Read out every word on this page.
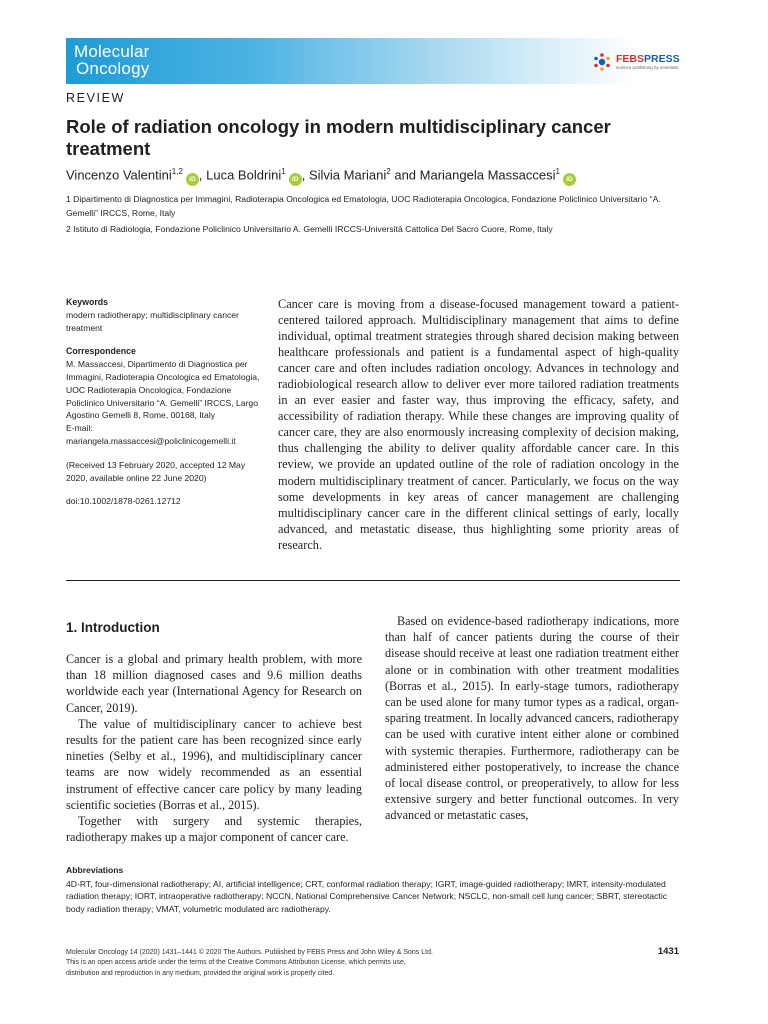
Molecular
Oncology	FEBSPRESS
science publishing by scientists
REVIEW
Role of radiation oncology in modern multidisciplinary cancer treatment
Vincenzo Valentini$^{1,2}$iD , Luca Boldrini$^1$iD , Silvia Mariani$^2$ and Mariangela Massaccesi$^1$iD

1 Dipartimento di Diagnostica per Immagini, Radioterapia Oncologica ed Ematologia, UOC Radioterapia Oncologica, Fondazione Policlinico Universitario “A. Gemelli” IRCCS, Rome, Italy

2 Istituto di Radiologia, Fondazione Policlinico Universitario A. Gemelli IRCCS-Università Cattolica Del Sacro Cuore, Rome, Italy

Keywords

modern radiotherapy; multidisciplinary cancer treatment

Correspondence

M. Massaccesi, Dipartimento di Diagnostica per Immagini, Radioterapia Oncologica ed Ematologia, UOC Radioterapia Oncologica, Fondazione Policlinico Universitario “A. Gemelli” IRCCS, Largo Agostino Gemelli 8, Rome, 00168, Italy

E-mail:

mariangela.massaccesi@policlinicogemelli.it

(Received 13 February 2020, accepted 12 May 2020, available online 22 June 2020)

doi:10.1002/1878-0261.12712

Cancer care is moving from a disease-focused management toward a patient-centered tailored approach. Multidisciplinary management that aims to define individual, optimal treatment strategies through shared decision making between healthcare professionals and patient is a fundamental aspect of high-quality cancer care and often includes radiation oncology. Advances in technology and radiobiological research allow to deliver ever more tailored radiation treatments in an ever easier and faster way, thus improving the efficacy, safety, and accessibility of radiation therapy. While these changes are improving quality of cancer care, they are also enormously increasing complexity of decision making, thus challenging the ability to deliver quality affordable cancer care. In this review, we provide an updated outline of the role of radiation oncology in the modern multidisciplinary treatment of cancer. Particularly, we focus on the way some developments in key areas of cancer management are challenging multidisciplinary cancer care in the different clinical settings of early, locally advanced, and metastatic disease, thus highlighting some priority areas of research.

1. Introduction

Cancer is a global and primary health problem, with more than 18 million diagnosed cases and 9.6 million deaths worldwide each year (International Agency for Research on Cancer, 2019).

The value of multidisciplinary cancer to achieve best results for the patient care has been recognized since early nineties (Selby et al., 1996), and multidisciplinary cancer teams are now widely recommended as an essential instrument of effective cancer care policy by many leading scientific societies (Borras et al., 2015).

Together with surgery and systemic therapies, radiotherapy makes up a major component of cancer care.

Based on evidence-based radiotherapy indications, more than half of cancer patients during the course of their disease should receive at least one radiation treatment either alone or in combination with other treatment modalities (Borras et al., 2015). In early-stage tumors, radiotherapy can be used alone for many tumor types as a radical, organ-sparing treatment. In locally advanced cancers, radiotherapy can be used with curative intent either alone or combined with systemic therapies. Furthermore, radiotherapy can be administered either postoperatively, to increase the chance of local disease control, or preoperatively, to allow for less extensive surgery and better functional outcomes. In very advanced or metastatic cases,

Abbreviations

4D-RT, four-dimensional radiotherapy; AI, artificial intelligence; CRT, conformal radiation therapy; IGRT, image-guided radiotherapy; IMRT, intensity-modulated radiation therapy; IORT, intraoperative radiotherapy; NCCN, National Comprehensive Cancer Network; NSCLC, non-small cell lung cancer; SBRT, stereotactic body radiation therapy; VMAT, volumetric modulated arc radiotherapy.

Molecular Oncology 14 (2020) 1431–1441 © 2020 The Authors. Published by FEBS Press and John Wiley & Sons Ltd.

This is an open access article under the terms of the Creative Commons Attribution License, which permits use,

distribution and reproduction in any medium, provided the original work is properly cited.

1431
